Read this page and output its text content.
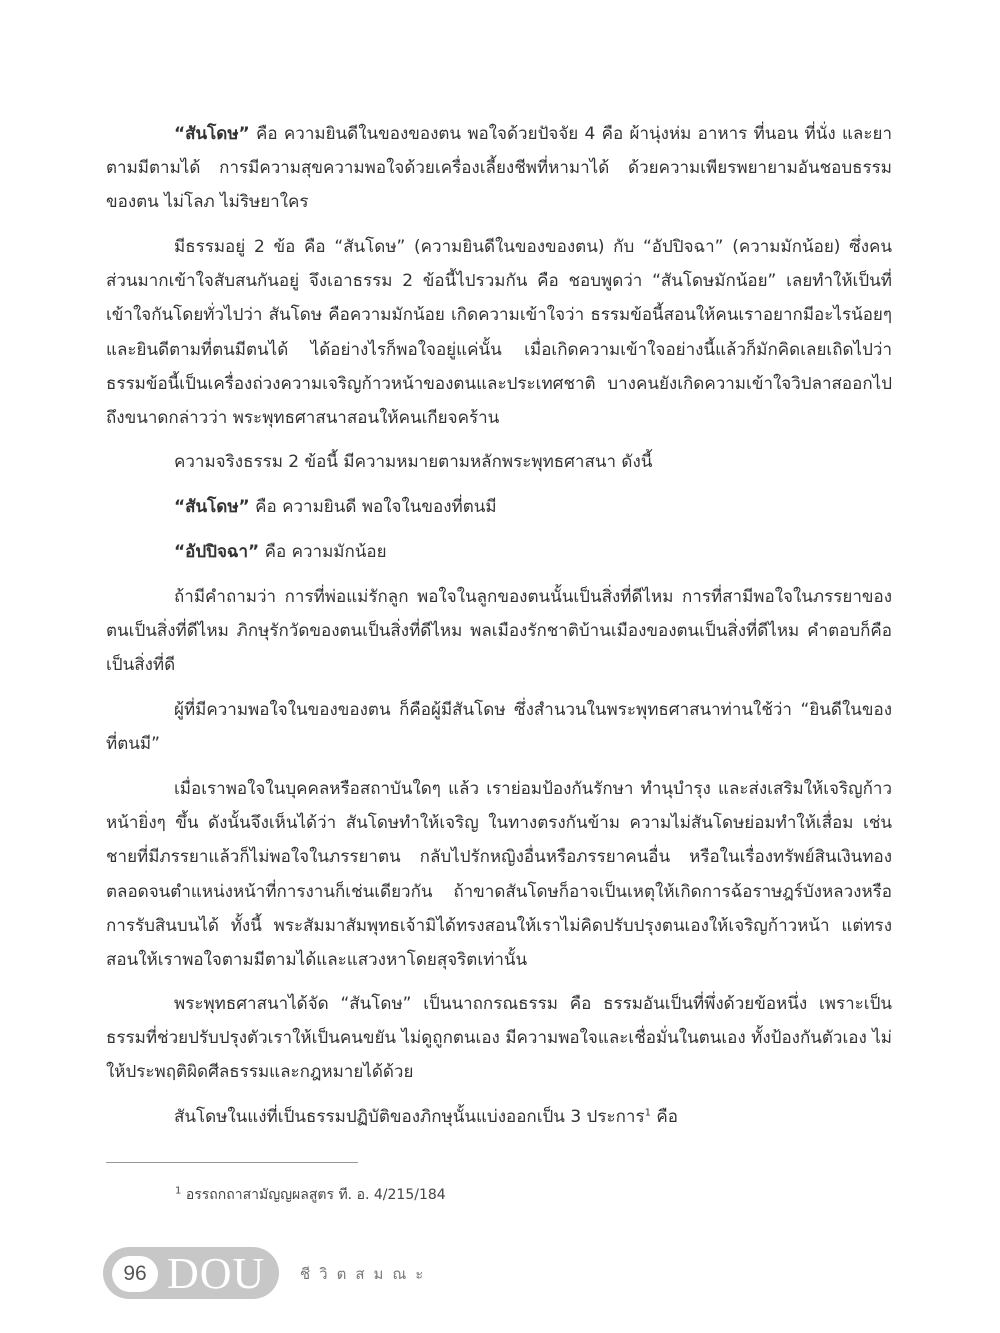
“สันโดษ” คือ ความยินดีในของของตน พอใจด้วยปัจจัย 4 คือ ผ้านุ่งห่ม อาหาร ที่นอน ที่นั่ง และยา ตามมีตามได้ การมีความสุขความพอใจด้วยเครื่องเลี้ยงชีพที่หามาได้ ด้วยความเพียรพยายามอันชอบธรรมของตน ไม่โลภ ไม่ริษยาใคร

มีธรรมอยู่ 2 ข้อ คือ “สันโดษ” (ความยินดีในของของตน) กับ “อัปปิจฉา” (ความมักน้อย) ซึ่งคนส่วนมากเข้าใจสับสนกันอยู่ จึงเอาธรรม 2 ข้อนี้ไปรวมกัน คือ ชอบพูดว่า “สันโดษมักน้อย” เลยทำให้เป็นที่เข้าใจกันโดยทั่วไปว่า สันโดษ คือความมักน้อย เกิดความเข้าใจว่า ธรรมข้อนี้สอนให้คนเราอยากมีอะไรน้อยๆ และยินดีตามที่ตนมีตนได้ ได้อย่างไรก็พอใจอยู่แค่นั้น เมื่อเกิดความเข้าใจอย่างนี้แล้วก็มักคิดเลยเถิดไปว่า ธรรมข้อนี้เป็นเครื่องถ่วงความเจริญก้าวหน้าของตนและประเทศชาติ บางคนยังเกิดความเข้าใจวิปลาสออกไปถึงขนาดกล่าวว่า พระพุทธศาสนาสอนให้คนเกียจคร้าน

ความจริงธรรม 2 ข้อนี้ มีความหมายตามหลักพระพุทธศาสนา ดังนี้

“สันโดษ” คือ ความยินดี พอใจในของที่ตนมี

“อัปปิจฉา” คือ ความมักน้อย

ถ้ามีคำถามว่า การที่พ่อแม่รักลูก พอใจในลูกของตนนั้นเป็นสิ่งที่ดีไหม การที่สามีพอใจในภรรยาของตนเป็นสิ่งที่ดีไหม ภิกษุรักวัดของตนเป็นสิ่งที่ดีไหม พลเมืองรักชาติบ้านเมืองของตนเป็นสิ่งที่ดีไหม คำตอบก็คือ เป็นสิ่งที่ดี

ผู้ที่มีความพอใจในของของตน ก็คือผู้มีสันโดษ ซึ่งสำนวนในพระพุทธศาสนาท่านใช้ว่า “ยินดีในของที่ตนมี”

เมื่อเราพอใจในบุคคลหรือสถาบันใดๆ แล้ว เราย่อมป้องกันรักษา ทำนุบำรุง และส่งเสริมให้เจริญก้าวหน้ายิ่งๆ ขึ้น ดังนั้นจึงเห็นได้ว่า สันโดษทำให้เจริญ ในทางตรงกันข้าม ความไม่สันโดษย่อมทำให้เสื่อม เช่น ชายที่มีภรรยาแล้วก็ไม่พอใจในภรรยาตน กลับไปรักหญิงอื่นหรือภรรยาคนอื่น หรือในเรื่องทรัพย์สินเงินทอง ตลอดจนตำแหน่งหน้าที่การงานก็เช่นเดียวกัน ถ้าขาดสันโดษก็อาจเป็นเหตุให้เกิดการฉ้อราษฎร์บังหลวงหรือการรับสินบนได้ ทั้งนี้ พระสัมมาสัมพุทธเจ้ามิได้ทรงสอนให้เราไม่คิดปรับปรุงตนเองให้เจริญก้าวหน้า แต่ทรงสอนให้เราพอใจตามมีตามได้และแสวงหาโดยสุจริตเท่านั้น

พระพุทธศาสนาได้จัด “สันโดษ” เป็นนาถกรณธรรม คือ ธรรมอันเป็นที่พึ่งด้วยข้อหนึ่ง เพราะเป็นธรรมที่ช่วยปรับปรุงตัวเราให้เป็นคนขยัน ไม่ดูถูกตนเอง มีความพอใจและเชื่อมั่นในตนเอง ทั้งป้องกันตัวเอง ไม่ให้ประพฤติผิดศีลธรรมและกฎหมายได้ด้วย

สันโดษในแง่ที่เป็นธรรมปฏิบัติของภิกษุนั้นแบ่งออกเป็น 3 ประการ$^1$ คือ

$^1$ อรรถกถาสามัญญผลสูตร ที. อ. 4/215/184
96 DOU ชีวิตสมณะ
